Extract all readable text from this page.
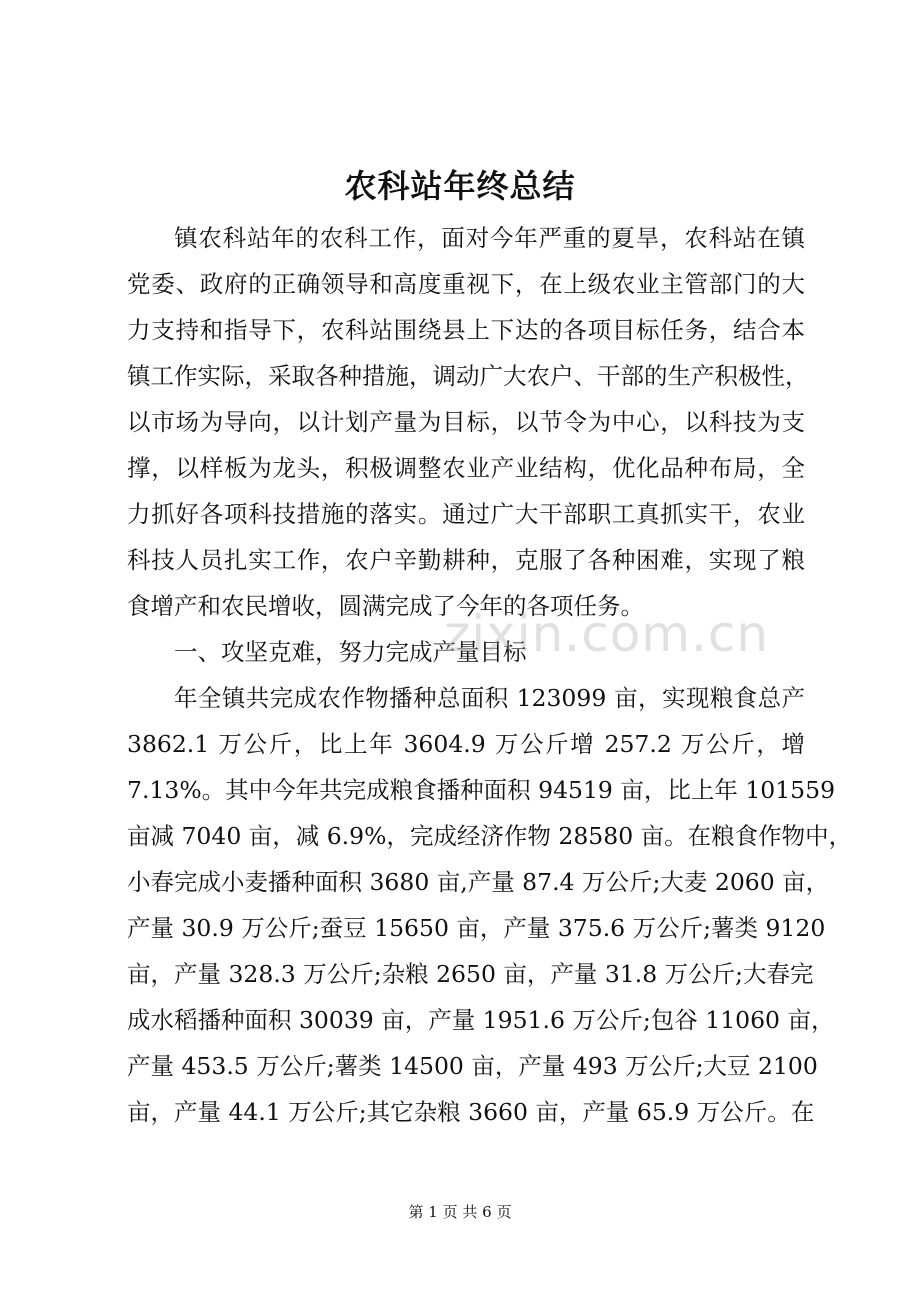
农科站年终总结
镇农科站年的农科工作，面对今年严重的夏旱，农科站在镇
党委、政府的正确领导和高度重视下，在上级农业主管部门的大
力支持和指导下，农科站围绕县上下达的各项目标任务，结合本
镇工作实际，采取各种措施，调动广大农户、干部的生产积极性，
以市场为导向，以计划产量为目标，以节令为中心，以科技为支
撑，以样板为龙头，积极调整农业产业结构，优化品种布局，全
力抓好各项科技措施的落实。通过广大干部职工真抓实干，农业
科技人员扎实工作，农户辛勤耕种，克服了各种困难，实现了粮
食增产和农民增收，圆满完成了今年的各项任务。
一、攻坚克难，努力完成产量目标
年全镇共完成农作物播种总面积 123099 亩，实现粮食总产
3862.1 万公斤，比上年 3604.9 万公斤增 257.2 万公斤，增
7.13%。其中今年共完成粮食播种面积 94519 亩，比上年 101559
亩减 7040 亩，减 6.9%，完成经济作物 28580 亩。在粮食作物中，
小春完成小麦播种面积 3680 亩,产量 87.4 万公斤;大麦 2060 亩，
产量 30.9 万公斤;蚕豆 15650 亩，产量 375.6 万公斤;薯类 9120
亩，产量 328.3 万公斤;杂粮 2650 亩，产量 31.8 万公斤;大春完
成水稻播种面积 30039 亩，产量 1951.6 万公斤;包谷 11060 亩，
产量 453.5 万公斤;薯类 14500 亩，产量 493 万公斤;大豆 2100
亩，产量 44.1 万公斤;其它杂粮 3660 亩，产量 65.9 万公斤。在
zixin.com.cn
第 1 页 共 6 页
